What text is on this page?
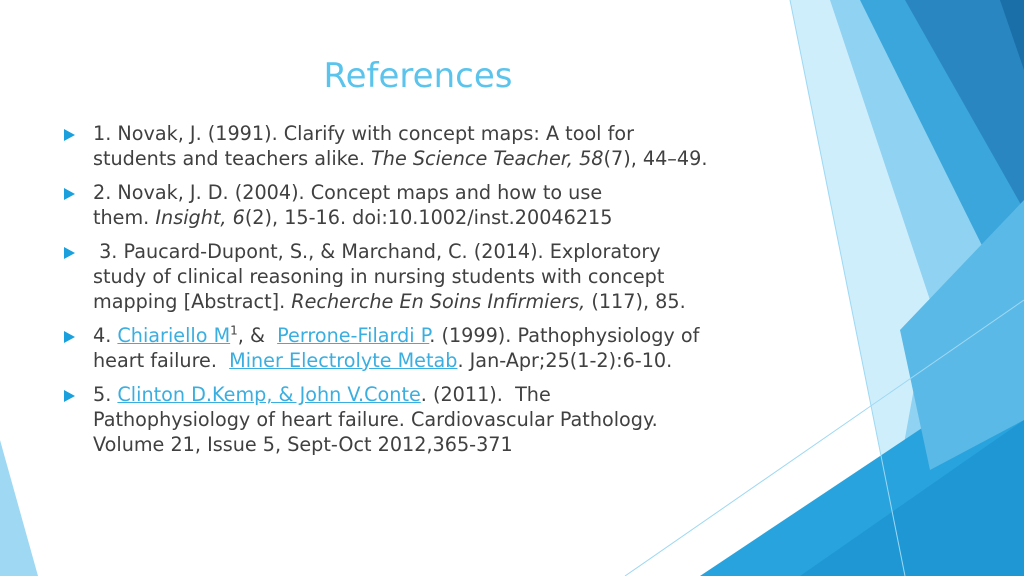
References
1. Novak, J. (1991). Clarify with concept maps: A tool for
students and teachers alike. The Science Teacher, 58(7), 44–49.
2. Novak, J. D. (2004). Concept maps and how to use
them. Insight, 6(2), 15-16. doi:10.1002/inst.20046215
3. Paucard-Dupont, S., & Marchand, C. (2014). Exploratory
study of clinical reasoning in nursing students with concept
mapping [Abstract]. Recherche En Soins Infirmiers, (117), 85.
4. Chiariello $M^1$, &  Perrone-Filardi P. (1999). Pathophysiology of
heart failure.  Miner Electrolyte Metab. Jan-Apr;25(1-2):6-10.
5. Clinton D.Kemp, & John V.Conte. (2011).  The
Pathophysiology of heart failure. Cardiovascular Pathology.
Volume 21, Issue 5, Sept-Oct 2012,365-371
